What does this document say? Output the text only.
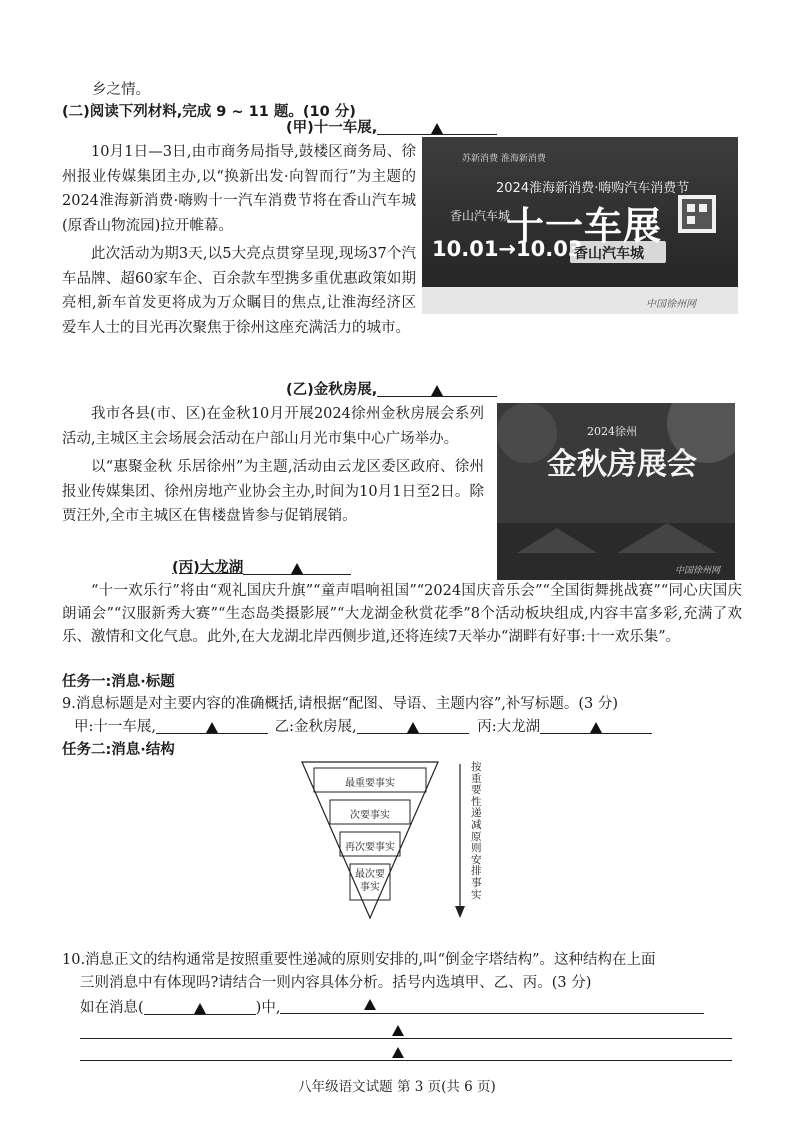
乡之情。
(二)阅读下列材料,完成 9 ~ 11 题。(10 分)
(甲)十一车展,
10月1日—3日,由市商务局指导,鼓楼区商务局、徐州报业传媒集团主办,以“换新出发·向智而行”为主题的2024淮海新消费·嗨购十一汽车消费节将在香山汽车城(原香山物流园)拉开帷幕。
此次活动为期3天,以5大亮点贯穿呈现,现场37个汽车品牌、超60家车企、百余款车型携多重优惠政策如期亮相,新车首发更将成为万众瞩目的焦点,让淮海经济区爱车人士的目光再次聚焦于徐州这座充满活力的城市。
苏新消费 淮海新消费
2024淮海新消费·嗨购汽车消费节
香山汽车城
十一车展
10.01→10.03
香山汽车城
中国徐州网
(乙)金秋房展,
我市各县(市、区)在金秋10月开展2024徐州金秋房展会系列活动,主城区主会场展会活动在户部山月光市集中心广场举办。
以“惠聚金秋 乐居徐州”为主题,活动由云龙区委区政府、徐州报业传媒集团、徐州房地产业协会主办,时间为10月1日至2日。除贾汪外,全市主城区在售楼盘皆参与促销展销。
2024徐州
金秋房展会
中国徐州网
(丙)大龙湖
“十一欢乐行”将由“观礼国庆升旗”“童声唱响祖国”“2024国庆音乐会”“全国街舞挑战赛”“同心庆国庆朗诵会”“汉服新秀大赛”“生态岛类摄影展”“大龙湖金秋赏花季”8个活动板块组成,内容丰富多彩,充满了欢乐、激情和文化气息。此外,在大龙湖北岸西侧步道,还将连续7天举办“湖畔有好事:十一欢乐集”。
任务一:消息·标题
9.消息标题是对主要内容的准确概括,请根据“配图、导语、主题内容”,补写标题。(3 分)
甲:十一车展,	乙:金秋房展,	丙:大龙湖
任务二:消息·结构
最重要事实
次要事实
再次要事实
最次要事实
按重要性递减原则安排事实
10.消息正文的结构通常是按照重要性递减的原则安排的,叫“倒金字塔结构”。这种结构在上面
三则消息中有体现吗?请结合一则内容具体分析。括号内选填甲、乙、丙。(3 分)
如在消息(	)中,
八年级语文试题 第 3 页(共 6 页)
